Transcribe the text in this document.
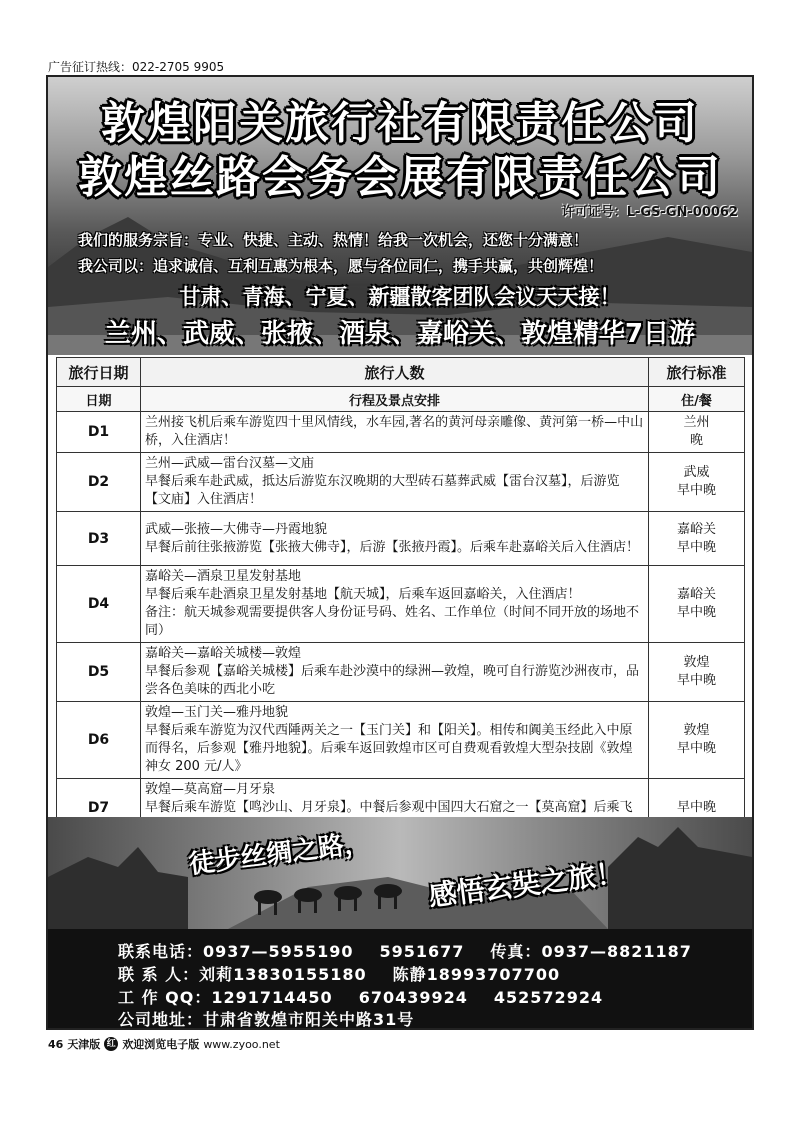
广告征订热线：022-2705 9905
敦煌阳关旅行社有限责任公司
敦煌丝路会务会展有限责任公司
许可证号：L-GS-GN-00062
我们的服务宗旨：专业、快捷、主动、热情！给我一次机会，还您十分满意！
我公司以：追求诚信、互利互惠为根本，愿与各位同仁，携手共赢，共创辉煌！
甘肃、青海、宁夏、新疆散客团队会议天天接！
兰州、武威、张掖、酒泉、嘉峪关、敦煌精华7日游
旅行日期	旅行人数	旅行标准
日期	行程及景点安排	住/餐
D1	兰州接飞机后乘车游览四十里风情线，水车园,著名的黄河母亲雕像、黄河第一桥—中山桥，入住酒店！	兰州
晚

D2	兰州—武威—雷台汉墓—文庙
早餐后乘车赴武威，抵达后游览东汉晚期的大型砖石墓葬武威【雷台汉墓】，后游览【文庙】入住酒店！	武威
早中晚

D3	武威—张掖—大佛寺—丹霞地貌
早餐后前往张掖游览【张掖大佛寺】，后游【张掖丹霞】。后乘车赴嘉峪关后入住酒店！	嘉峪关
早中晚

D4	嘉峪关—酒泉卫星发射基地
早餐后乘车赴酒泉卫星发射基地【航天城】，后乘车返回嘉峪关，入住酒店！
备注：航天城参观需要提供客人身份证号码、姓名、工作单位（时间不同开放的场地不同）	嘉峪关
早中晚

D5	嘉峪关—嘉峪关城楼—敦煌
早餐后参观【嘉峪关城楼】后乘车赴沙漠中的绿洲—敦煌，晚可自行游览沙洲夜市，品尝各色美味的西北小吃	敦煌
早中晚

D6	敦煌—玉门关—雅丹地貌
早餐后乘车游览为汉代西陲两关之一【玉门关】和【阳关】。相传和阗美玉经此入中原而得名，后参观【雅丹地貌】。后乘车返回敦煌市区可自费观看敦煌大型杂技剧《敦煌神女 200 元/人》	敦煌
早中晚

D7	敦煌—莫高窟—月牙泉
早餐后乘车游览【鸣沙山、月牙泉】。中餐后参观中国四大石窟之一【莫高窟】后乘飞	早中晚
徒步丝绸之路，
感悟玄奘之旅！
联系电话：0937—5955190 5951677 传真：0937—8821187
联 系 人：刘莉13830155180 陈静18993707700
工 作 QQ：1291714450 670439924 452572924
公司地址：甘肃省敦煌市阳关中路31号
46 天津版 红 欢迎浏览电子版 www.zyoo.net
